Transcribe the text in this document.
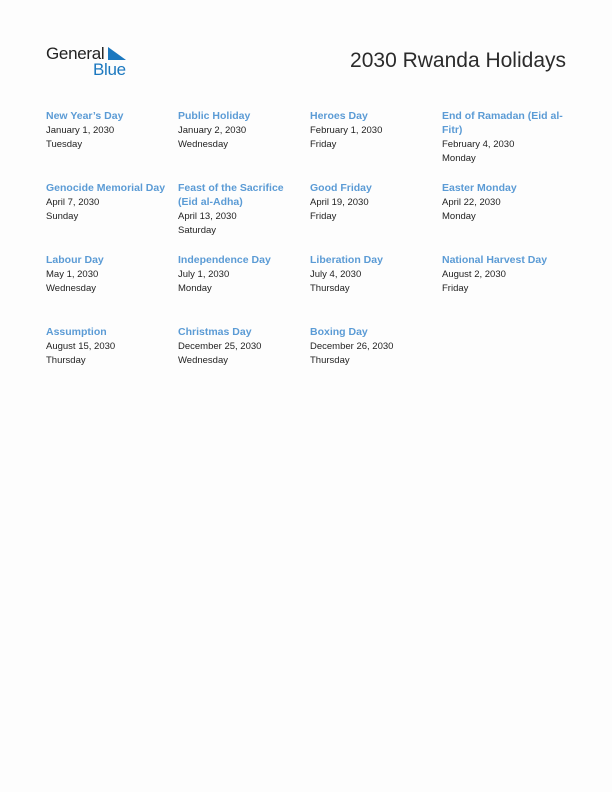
General
Blue	2030 Rwanda Holidays
New Year’s Day
January 1, 2030
Tuesday
Public Holiday
January 2, 2030
Wednesday
Heroes Day
February 1, 2030
Friday
End of Ramadan (Eid al-Fitr)
February 4, 2030
Monday
Genocide Memorial Day
April 7, 2030
Sunday
Feast of the Sacrifice (Eid al-Adha)
April 13, 2030
Saturday
Good Friday
April 19, 2030
Friday
Easter Monday
April 22, 2030
Monday
Labour Day
May 1, 2030
Wednesday
Independence Day
July 1, 2030
Monday
Liberation Day
July 4, 2030
Thursday
National Harvest Day
August 2, 2030
Friday
Assumption
August 15, 2030
Thursday
Christmas Day
December 25, 2030
Wednesday
Boxing Day
December 26, 2030
Thursday
